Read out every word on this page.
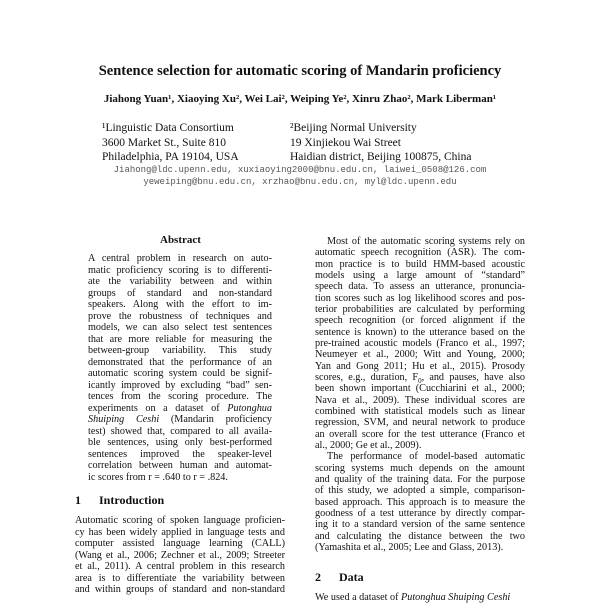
Sentence selection for automatic scoring of Mandarin proficiency
Jiahong Yuan¹, Xiaoying Xu², Wei Lai², Weiping Ye², Xinru Zhao², Mark Liberman¹
¹Linguistic Data Consortium
3600 Market St., Suite 810
Philadelphia, PA 19104, USA
²Beijing Normal University
19 Xinjiekou Wai Street
Haidian district, Beijing 100875, China
Jiahong@ldc.upenn.edu, xuxiaoying2000@bnu.edu.cn, laiwei_0508@126.com
yeweiping@bnu.edu.cn, xrzhao@bnu.edu.cn, myl@ldc.upenn.edu
Abstract
A central problem in research on auto-
matic proficiency scoring is to differenti-
ate the variability between and within
groups of standard and non-standard
speakers. Along with the effort to im-
prove the robustness of techniques and
models, we can also select test sentences
that are more reliable for measuring the
between-group variability. This study
demonstrated that the performance of an
automatic scoring system could be signif-
icantly improved by excluding “bad” sen-
tences from the scoring procedure. The
experiments on a dataset of Putonghua
Shuiping Ceshi (Mandarin proficiency
test) showed that, compared to all availa-
ble sentences, using only best-performed
sentences improved the speaker-level
correlation between human and automat-
ic scores from r = .640 to r = .824.
1 Introduction
Automatic scoring of spoken language proficien-
cy has been widely applied in language tests and
computer assisted language learning (CALL)
(Wang et al., 2006; Zechner et al., 2009; Streeter
et al., 2011). A central problem in this research
area is to differentiate the variability between
and within groups of standard and non-standard
Most of the automatic scoring systems rely on
automatic speech recognition (ASR). The com-
mon practice is to build HMM-based acoustic
models using a large amount of “standard”
speech data. To assess an utterance, pronuncia-
tion scores such as log likelihood scores and pos-
terior probabilities are calculated by performing
speech recognition (or forced alignment if the
sentence is known) to the utterance based on the
pre-trained acoustic models (Franco et al., 1997;
Neumeyer et al., 2000; Witt and Young, 2000;
Yan and Gong 2011; Hu et al., 2015). Prosody
scores, e.g., duration, $F_0$, and pauses, have also
been shown important (Cucchiarini et al., 2000;
Nava et al., 2009). These individual scores are
combined with statistical models such as linear
regression, SVM, and neural network to produce
an overall score for the test utterance (Franco et
al., 2000; Ge et al., 2009).
The performance of model-based automatic
scoring systems much depends on the amount
and quality of the training data. For the purpose
of this study, we adopted a simple, comparison-
based approach. This approach is to measure the
goodness of a test utterance by directly compar-
ing it to a standard version of the same sentence
and calculating the distance between the two
(Yamashita et al., 2005; Lee and Glass, 2013).
2 Data
We used a dataset of Putonghua Shuiping Ceshi
